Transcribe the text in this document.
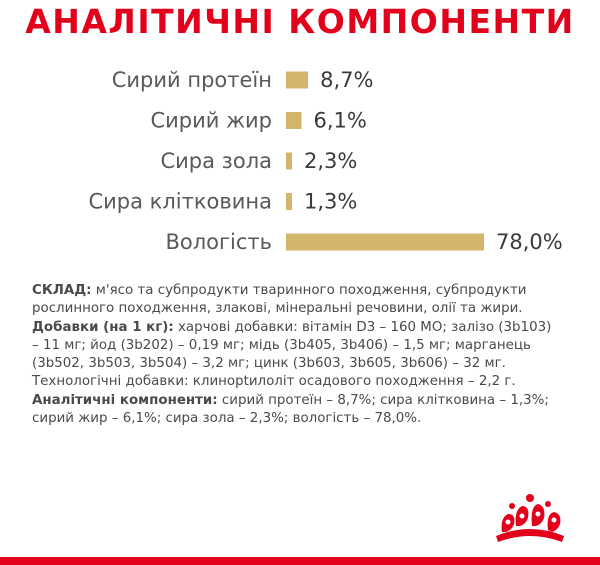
АНАЛІТИЧНІ КОМПОНЕНТИ
Сирий протеїн 8,7%
Сирий жир 6,1%
Сира зола 2,3%
Сира клітковина 1,3%
Вологість	78,0%
СКЛАД: м'ясо та субпродукти тваринного походження, субпродукти рослинного походження, злакові, мінеральні речовини, олії та жири.
Добавки (на 1 кг): харчові добавки: вітамін D3 – 160 МО; залізо (3b103) – 11 мг; йод (3b202) – 0,19 мг; мідь (3b405, 3b406) – 1,5 мг; марганець (3b502, 3b503, 3b504) – 3,2 мг; цинк (3b603, 3b605, 3b606) – 32 мг. Технологічні добавки: клинoptилоліт осадового походження – 2,2 г.
Аналітичні компоненти: сирий протеїн – 8,7%; сира клітковина – 1,3%; сирий жир – 6,1%; сира зола – 2,3%; вологість – 78,0%.
